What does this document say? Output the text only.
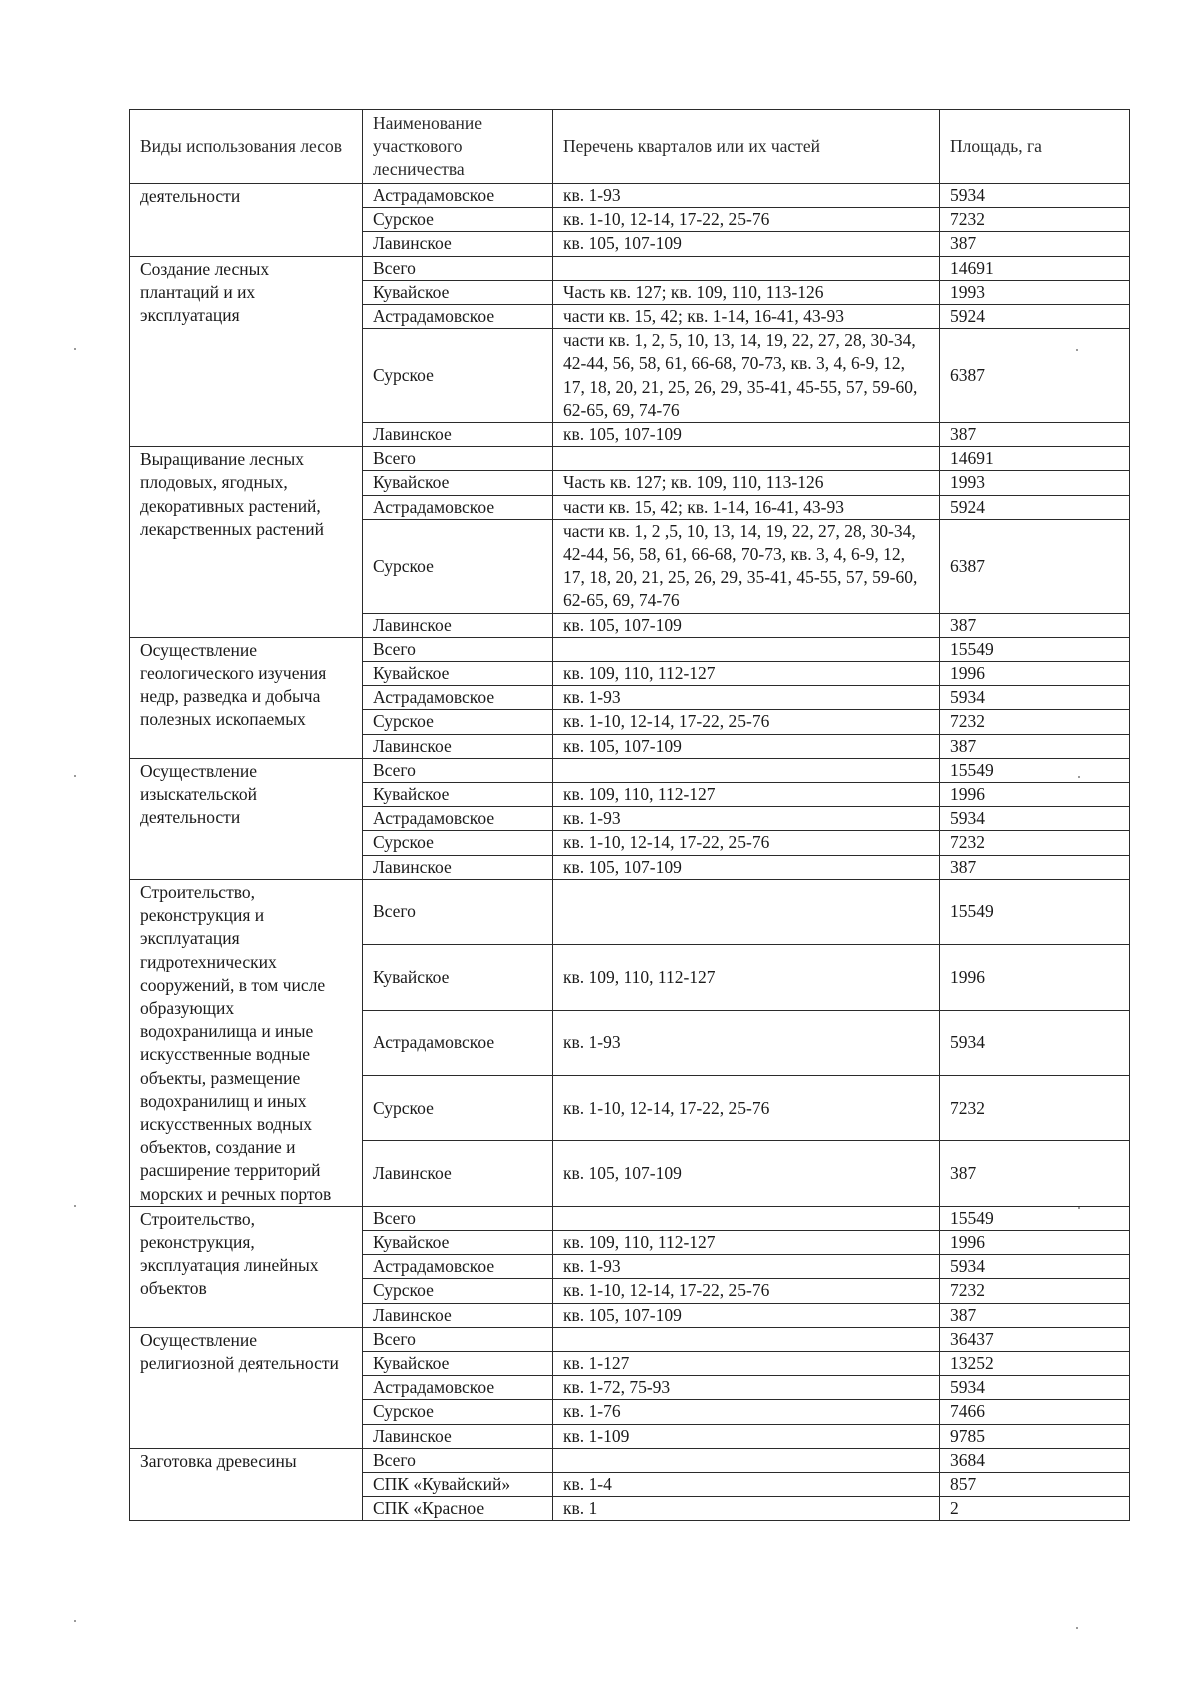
Виды использования лесов	Наименование участкового лесничества	Перечень кварталов или их частей	Площадь, га
деятельности	Астрадамовское	кв. 1-93	5934
	Сурское	кв. 1-10, 12-14, 17-22, 25-76	7232
	Лавинское	кв. 105, 107-109	387
Создание лесных плантаций и их эксплуатация	Всего		14691
	Кувайское	Часть кв. 127; кв. 109, 110, 113-126	1993
	Астрадамовское	части кв. 15, 42; кв. 1-14, 16-41, 43-93	5924
	Сурское	части кв. 1, 2, 5, 10, 13, 14, 19, 22, 27, 28, 30-34, 42-44, 56, 58, 61, 66-68, 70-73, кв. 3, 4, 6-9, 12, 17, 18, 20, 21, 25, 26, 29, 35-41, 45-55, 57, 59-60, 62-65, 69, 74-76	6387
	Лавинское	кв. 105, 107-109	387
Выращивание лесных плодовых, ягодных, декоративных растений, лекарственных растений	Всего		14691
	Кувайское	Часть кв. 127; кв. 109, 110, 113-126	1993
	Астрадамовское	части кв. 15, 42; кв. 1-14, 16-41, 43-93	5924
	Сурское	части кв. 1, 2 ,5, 10, 13, 14, 19, 22, 27, 28, 30-34, 42-44, 56, 58, 61, 66-68, 70-73, кв. 3, 4, 6-9, 12, 17, 18, 20, 21, 25, 26, 29, 35-41, 45-55, 57, 59-60, 62-65, 69, 74-76	6387
	Лавинское	кв. 105, 107-109	387
Осуществление геологического изучения недр, разведка и добыча полезных ископаемых	Всего		15549
	Кувайское	кв. 109, 110, 112-127	1996
	Астрадамовское	кв. 1-93	5934
	Сурское	кв. 1-10, 12-14, 17-22, 25-76	7232
	Лавинское	кв. 105, 107-109	387
Осуществление изыскательской деятельности	Всего		15549
	Кувайское	кв. 109, 110, 112-127	1996
	Астрадамовское	кв. 1-93	5934
	Сурское	кв. 1-10, 12-14, 17-22, 25-76	7232
	Лавинское	кв. 105, 107-109	387
Строительство, реконструкция и эксплуатация гидротехнических сооружений, в том числе образующих водохранилища и иные искусственные водные объекты, размещение водохранилищ и иных искусственных водных объектов, создание и расширение территорий морских и речных портов	Всего		15549
	Кувайское	кв. 109, 110, 112-127	1996
	Астрадамовское	кв. 1-93	5934
	Сурское	кв. 1-10, 12-14, 17-22, 25-76	7232
	Лавинское	кв. 105, 107-109	387
Строительство, реконструкция, эксплуатация линейных объектов	Всего		15549
	Кувайское	кв. 109, 110, 112-127	1996
	Астрадамовское	кв. 1-93	5934
	Сурское	кв. 1-10, 12-14, 17-22, 25-76	7232
	Лавинское	кв. 105, 107-109	387
Осуществление религиозной деятельности	Всего		36437
	Кувайское	кв. 1-127	13252
	Астрадамовское	кв. 1-72, 75-93	5934
	Сурское	кв. 1-76	7466
	Лавинское	кв. 1-109	9785
Заготовка древесины	Всего		3684
	СПК «Кувайский»	кв. 1-4	857
	СПК «Красное	кв. 1	2
